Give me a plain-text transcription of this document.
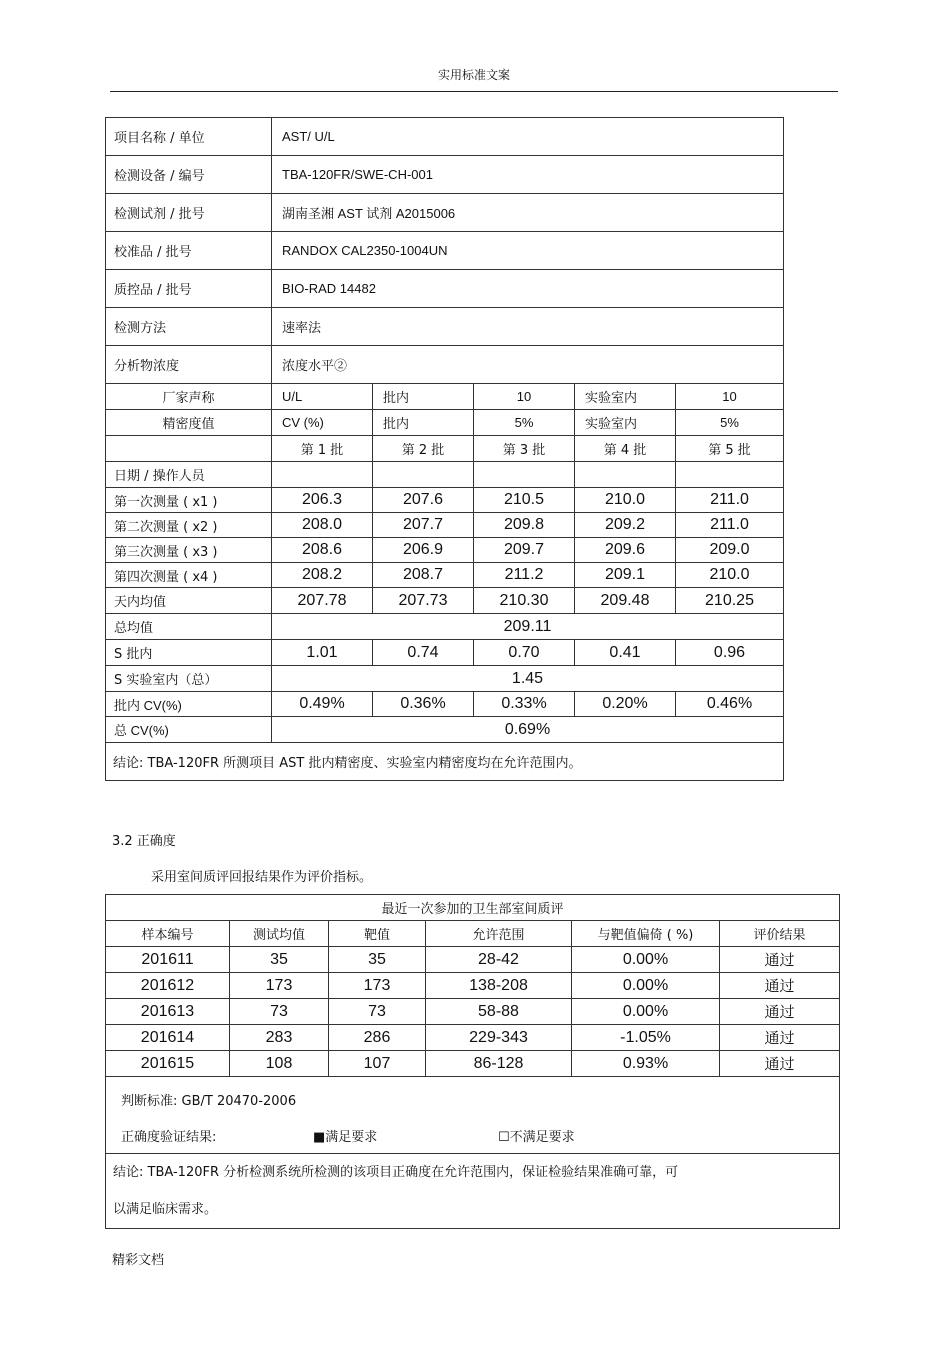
实用标准文案
项目名称 / 单位	AST/ U/L				
检测设备 / 编号	TBA-120FR/SWE-CH-001				
检测试剂 / 批号	湖南圣湘 AST 试剂 A2015006				
校准品 / 批号	RANDOX CAL2350-1004UN				
质控品 / 批号	BIO-RAD 14482				
检测方法	速率法				
分析物浓度	浓度水平②				
厂家声称	U/L	批内	10	实验室内	10
精密度值	CV (%)	批内	5%	实验室内	5%
	第 1 批	第 2 批	第 3 批	第 4 批	第 5 批
日期 / 操作人员					
第一次测量 ( x1 )	206.3	207.6	210.5	210.0	211.0
第二次测量 ( x2 )	208.0	207.7	209.8	209.2	211.0
第三次测量 ( x3 )	208.6	206.9	209.7	209.6	209.0
第四次测量 ( x4 )	208.2	208.7	211.2	209.1	210.0
天内均值	207.78	207.73	210.30	209.48	210.25
总均值	209.11				
S 批内	1.01	0.74	0.70	0.41	0.96
S 实验室内（总）	1.45				
批内 CV(%)	0.49%	0.36%	0.33%	0.20%	0.46%
总 CV(%)	0.69%				
结论: TBA-120FR 所测项目 AST 批内精密度、实验室内精密度均在允许范围内。					
3.2 正确度
采用室间质评回报结果作为评价指标。
最近一次参加的卫生部室间质评					
样本编号	测试均值	靶值	允许范围	与靶值偏倚 ( %)	评价结果
201611	35	35	28-42	0.00%	通过
201612	173	173	138-208	0.00%	通过
201613	73	73	58-88	0.00%	通过
201614	283	286	229-343	-1.05%	通过
201615	108	107	86-128	0.93%	通过

判断标准: GB/T 20470-2006
正确度验证结果: ■满足要求 ☐不满足要求					

结论: TBA-120FR 分析检测系统所检测的该项目正确度在允许范围内，保证检验结果准确可靠，可
以满足临床需求。					
精彩文档
